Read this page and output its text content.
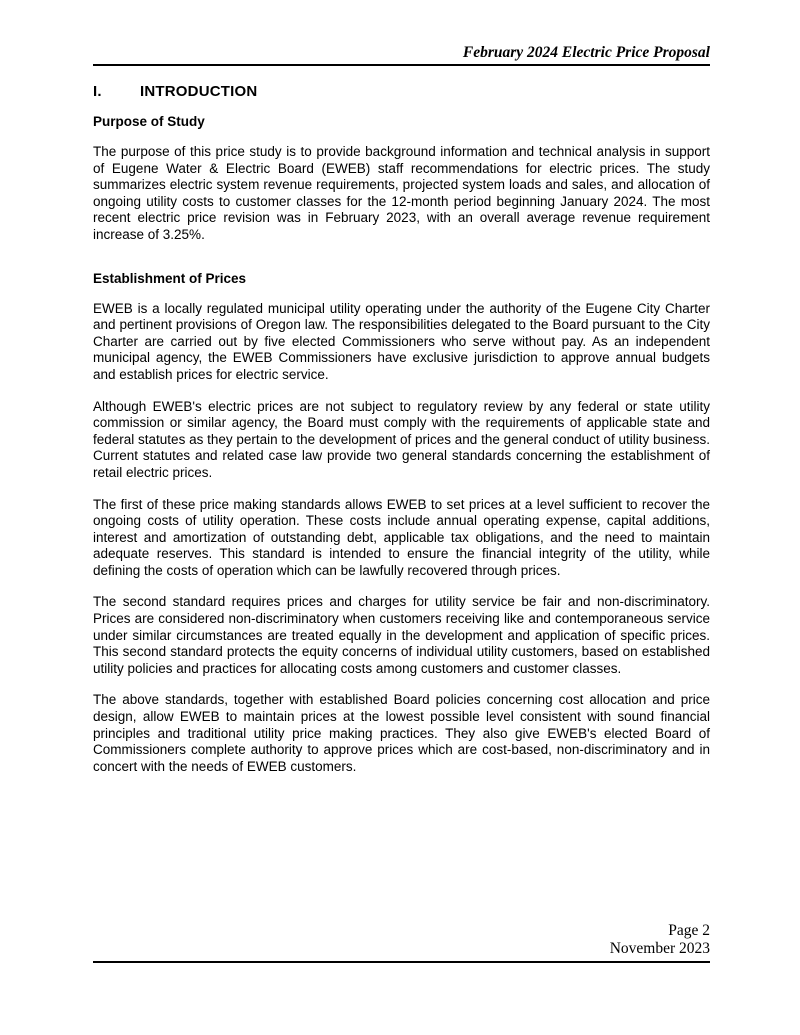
February 2024 Electric Price Proposal
I.	INTRODUCTION
Purpose of Study

The purpose of this price study is to provide background information and technical analysis in support of Eugene Water & Electric Board (EWEB) staff recommendations for electric prices. The study summarizes electric system revenue requirements, projected system loads and sales, and allocation of ongoing utility costs to customer classes for the 12-month period beginning January 2024. The most recent electric price revision was in February 2023, with an overall average revenue requirement increase of 3.25%.

Establishment of Prices

EWEB is a locally regulated municipal utility operating under the authority of the Eugene City Charter and pertinent provisions of Oregon law. The responsibilities delegated to the Board pursuant to the City Charter are carried out by five elected Commissioners who serve without pay. As an independent municipal agency, the EWEB Commissioners have exclusive jurisdiction to approve annual budgets and establish prices for electric service.

Although EWEB's electric prices are not subject to regulatory review by any federal or state utility commission or similar agency, the Board must comply with the requirements of applicable state and federal statutes as they pertain to the development of prices and the general conduct of utility business. Current statutes and related case law provide two general standards concerning the establishment of retail electric prices.

The first of these price making standards allows EWEB to set prices at a level sufficient to recover the ongoing costs of utility operation. These costs include annual operating expense, capital additions, interest and amortization of outstanding debt, applicable tax obligations, and the need to maintain adequate reserves. This standard is intended to ensure the financial integrity of the utility, while defining the costs of operation which can be lawfully recovered through prices.

The second standard requires prices and charges for utility service be fair and non-discriminatory. Prices are considered non-discriminatory when customers receiving like and contemporaneous service under similar circumstances are treated equally in the development and application of specific prices. This second standard protects the equity concerns of individual utility customers, based on established utility policies and practices for allocating costs among customers and customer classes.

The above standards, together with established Board policies concerning cost allocation and price design, allow EWEB to maintain prices at the lowest possible level consistent with sound financial principles and traditional utility price making practices. They also give EWEB's elected Board of Commissioners complete authority to approve prices which are cost-based, non-discriminatory and in concert with the needs of EWEB customers.

Page 2
November 2023
